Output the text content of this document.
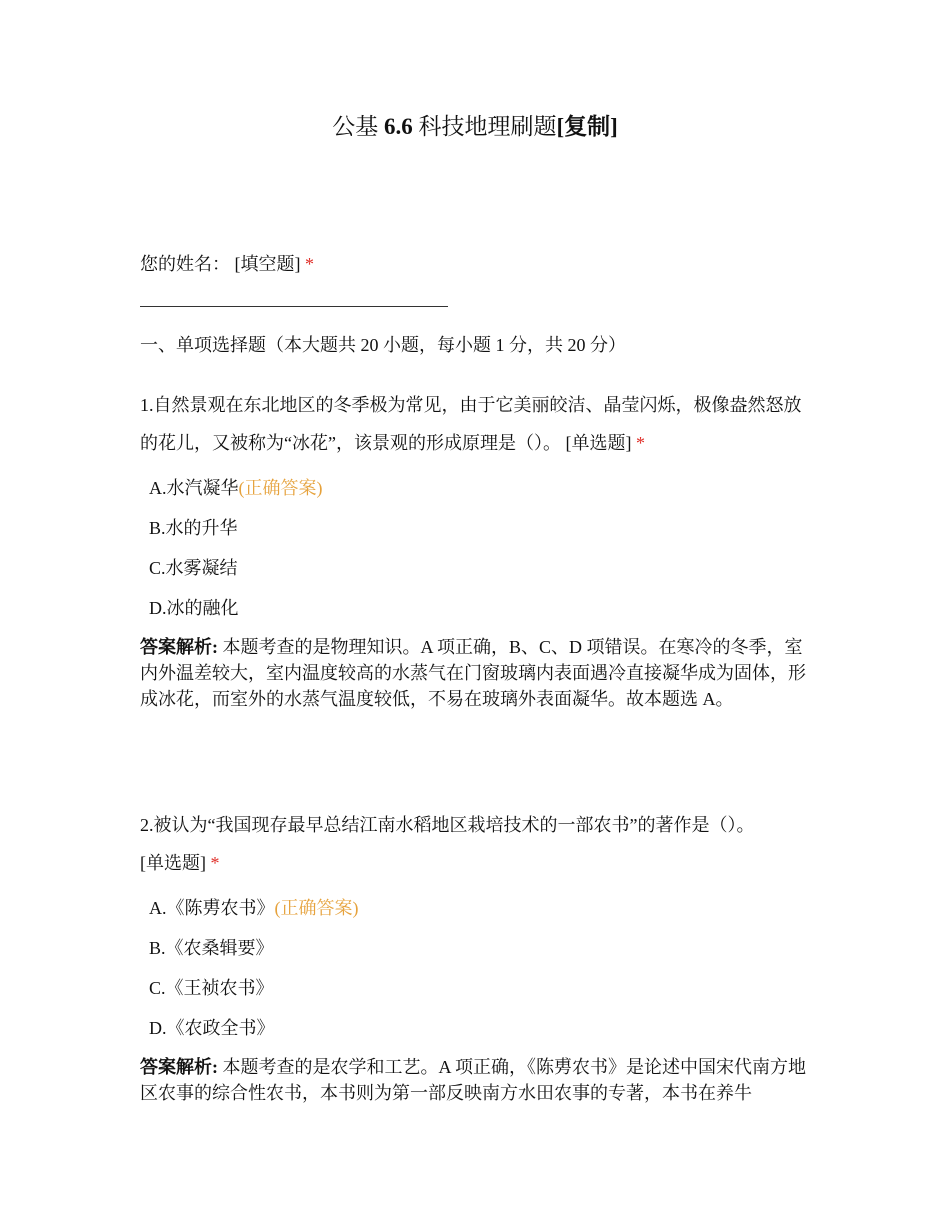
公基 6.6 科技地理刷题[复制]
您的姓名： [填空题] *
一、单项选择题（本大题共 20 小题，每小题 1 分，共 20 分）
1.自然景观在东北地区的冬季极为常见，由于它美丽皎洁、晶莹闪烁，极像盎然怒放的花儿，又被称为“冰花”，该景观的形成原理是（）。 [单选题] *
A.水汽凝华(正确答案)
B.水的升华
C.水雾凝结
D.冰的融化
答案解析: 本题考查的是物理知识。A 项正确，B、C、D 项错误。在寒冷的冬季，室内外温差较大，室内温度较高的水蒸气在门窗玻璃内表面遇冷直接凝华成为固体，形成冰花，而室外的水蒸气温度较低，不易在玻璃外表面凝华。故本题选 A。
2.被认为“我国现存最早总结江南水稻地区栽培技术的一部农书”的著作是（）。
[单选题] *
A.《陈旉农书》(正确答案)
B.《农桑辑要》
C.《王祯农书》
D.《农政全书》
答案解析: 本题考查的是农学和工艺。A 项正确，《陈旉农书》是论述中国宋代南方地区农事的综合性农书，本书则为第一部反映南方水田农事的专著，本书在养牛
